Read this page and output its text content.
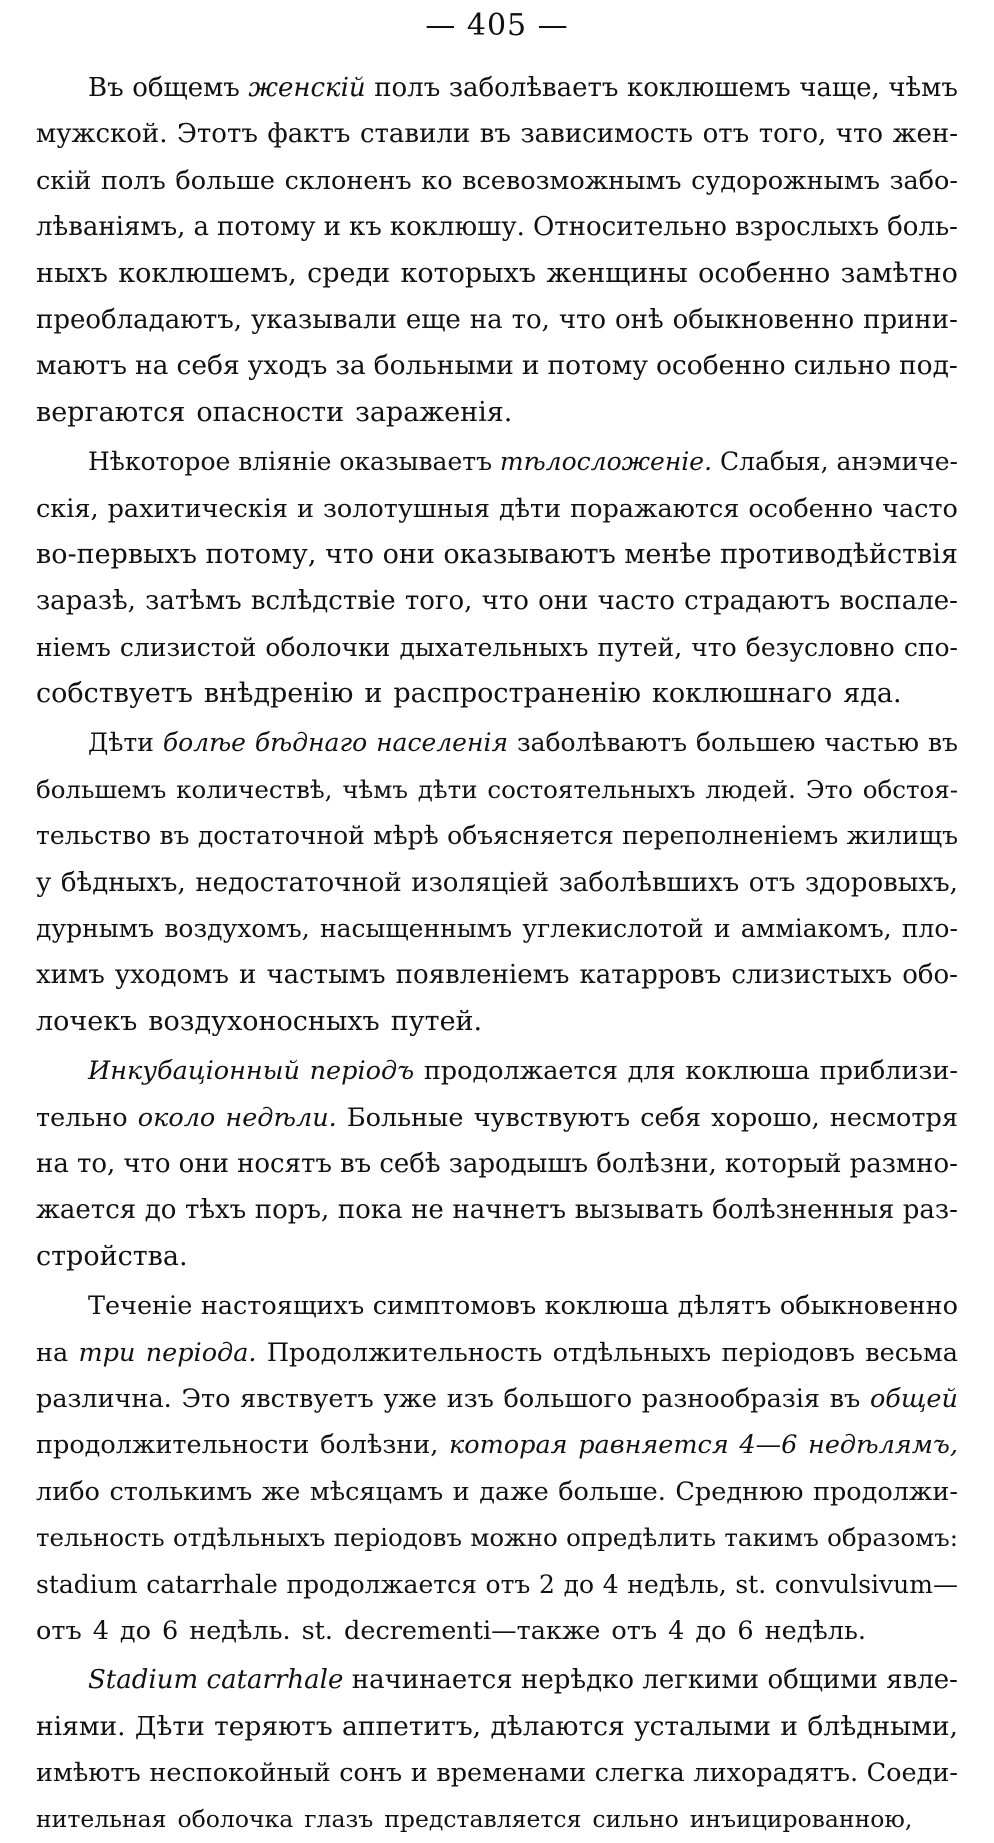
— 405 —
Въ общемъ женскій полъ заболѣваетъ коклюшемъ чаще, чѣмъ
мужской. Этотъ фактъ ставили въ зависимость отъ того, что жен-
скій полъ больше склоненъ ко всевозможнымъ судорожнымъ забо-
лѣваніямъ, а потому и къ коклюшу. Относительно взрослыхъ боль-
ныхъ коклюшемъ, среди которыхъ женщины особенно замѣтно
преобладаютъ, указывали еще на то, что онѣ обыкновенно прини-
маютъ на себя уходъ за больными и потому особенно сильно под-
вергаются опасности зараженія.
Нѣкоторое вліяніе оказываетъ тѣлосложеніе. Слабыя, анэмиче-
скія, рахитическія и золотушныя дѣти поражаются особенно часто
во-первыхъ потому, что они оказываютъ менѣе противодѣйствія
заразѣ, затѣмъ вслѣдствіе того, что они часто страдаютъ воспале-
ніемъ слизистой оболочки дыхательныхъ путей, что безусловно спо-
собствуетъ внѣдренію и распространенію коклюшнаго яда.
Дѣти болѣе бѣднаго населенія заболѣваютъ большею частью въ
большемъ количествѣ, чѣмъ дѣти состоятельныхъ людей. Это обстоя-
тельство въ достаточной мѣрѣ объясняется переполненіемъ жилищъ
у бѣдныхъ, недостаточной изоляціей заболѣвшихъ отъ здоровыхъ,
дурнымъ воздухомъ, насыщеннымъ углекислотой и амміакомъ, пло-
химъ уходомъ и частымъ появленіемъ катарровъ слизистыхъ обо-
лочекъ воздухоносныхъ путей.
Инкубаціонный періодъ продолжается для коклюша приблизи-
тельно около недѣли. Больные чувствуютъ себя хорошо, несмотря
на то, что они носятъ въ себѣ зародышъ болѣзни, который размно-
жается до тѣхъ поръ, пока не начнетъ вызывать болѣзненныя раз-
стройства.
Теченіе настоящихъ симптомовъ коклюша дѣлятъ обыкновенно
на три періода. Продолжительность отдѣльныхъ періодовъ весьма
различна. Это явствуетъ уже изъ большого разнообразія въ общей
продолжительности болѣзни, которая равняется 4—6 недѣлямъ,
либо столькимъ же мѣсяцамъ и даже больше. Среднюю продолжи-
тельность отдѣльныхъ періодовъ можно опредѣлить такимъ образомъ:
stadium catarrhale продолжается отъ 2 до 4 недѣль, st. convulsivum—
отъ 4 до 6 недѣль. st. decrementi—также отъ 4 до 6 недѣль.
Stadium catarrhale начинается нерѣдко легкими общими явле-
ніями. Дѣти теряютъ аппетитъ, дѣлаются усталыми и блѣдными,
имѣютъ неспокойный сонъ и временами слегка лихорадятъ. Соеди-
нительная оболочка глазъ представляется сильно инъицированною,
